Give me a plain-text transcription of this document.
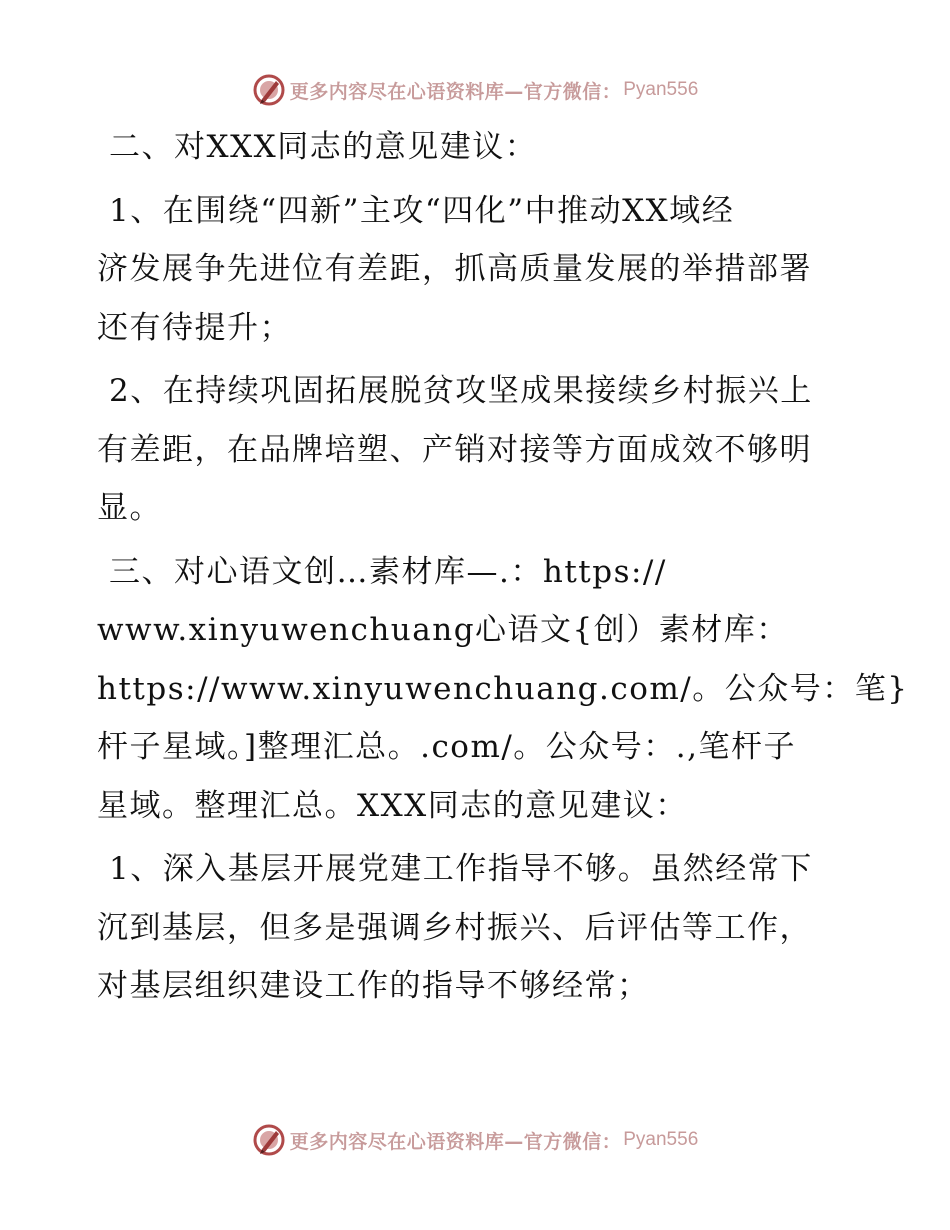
更多内容尽在心语资料库—官方微信： Pyan556
二、对XXX同志的意见建议：
1、在围绕“四新”主攻“四化”中推动XX域经
济发展争先进位有差距，抓高质量发展的举措部署
还有待提升；
2、在持续巩固拓展脱贫攻坚成果接续乡村振兴上
有差距，在品牌培塑、产销对接等方面成效不够明
显。
三、对心语文创…素材库—.：https://
www.xinyuwenchuang心语文{创）素材库：
https://www.xinyuwenchuang.com/。公众号：笔}
杆子星域。]整理汇总。.com/。公众号：.,笔杆子
星域。整理汇总。XXX同志的意见建议：
1、深入基层开展党建工作指导不够。虽然经常下
沉到基层，但多是强调乡村振兴、后评估等工作，
对基层组织建设工作的指导不够经常；
更多内容尽在心语资料库—官方微信： Pyan556
